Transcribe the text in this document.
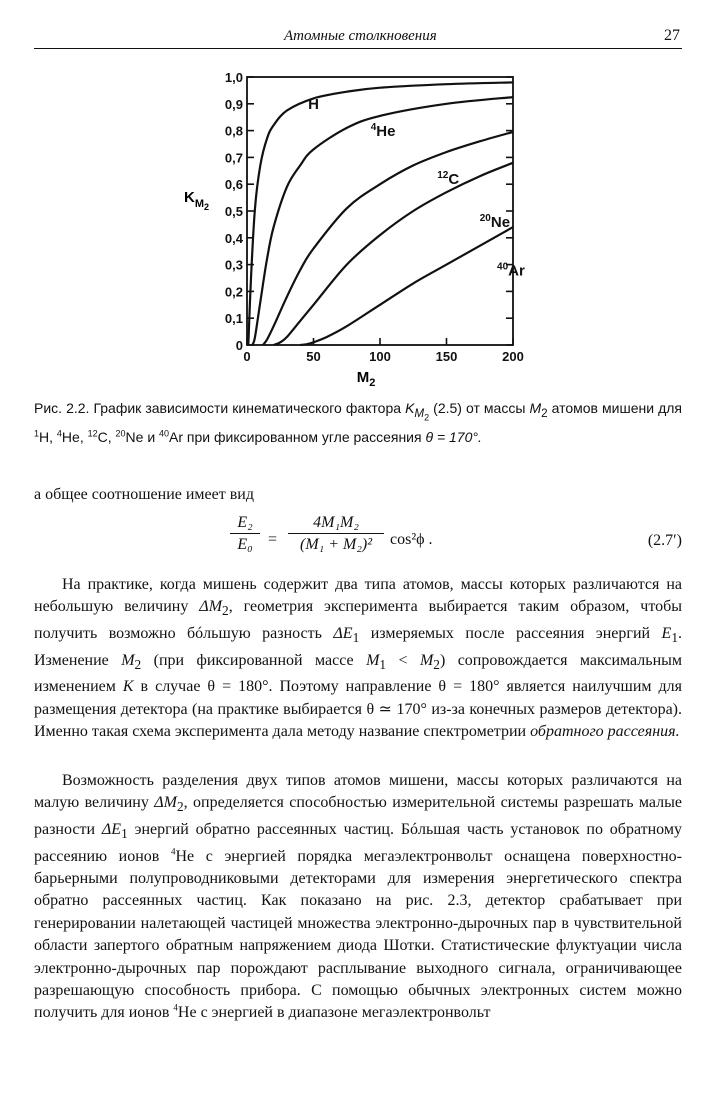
Атомные столкновения	27
0
0,1
0,2
0,3
0,4
0,5
0,6
0,7
0,8
0,9
1,0
0	50	100	150	200
H
$^4$He
$^{12}$C
$^{20}$Ne
$^{40}$Ar
$K_{M2}$
$M_2$
Рис. 2.2. График зависимости кинематического фактора $K_{M_2}$ (2.5) от массы $M_2$ атомов мишени для $^1$H, $^4$He, $^{12}$C, $^{20}$Ne и $^{40}$Ar при фиксированном угле рассеяния θ = 170°.
а общее соотношение имеет вид
$\frac{\text{E₂}}{\text{E₀}} = \frac{\text{4M₁M₂}}{\text{(M₁ + M₂)²}} \cos^2\phi$ .	(2.7′)
На практике, когда мишень содержит два типа атомов, массы которых различаются на небольшую величину $\Delta M_2$, геометрия эксперимента выбирается таким образом, чтобы получить возможно бóльшую разность $\Delta E_1$ измеряемых после рассеяния энергий $E_1$. Изменение $M_2$ (при фиксированной массе $M_1 < M_2$) сопровождается максимальным изменением K в случае θ = 180°. Поэтому направление θ = 180° является наилучшим для размещения детектора (на практике выбирается θ ≃ 170° из-за конечных размеров детектора). Именно такая схема эксперимента дала методу название спектрометрии обратного рассеяния.
Возможность разделения двух типов атомов мишени, массы которых различаются на малую величину $\Delta M_2$, определяется способностью измерительной системы разрешать малые разности $\Delta E_1$ энергий обратно рассеянных частиц. Бóльшая часть установок по обратному рассеянию ионов $^4$He с энергией порядка мегаэлектронвольт оснащена поверхностно-барьерными полупроводниковыми детекторами для измерения энергетического спектра обратно рассеянных частиц. Как показано на рис. 2.3, детектор срабатывает при генерировании налетающей частицей множества электронно-дырочных пар в чувствительной области запертого обратным напряжением диода Шотки. Статистические флуктуации числа электронно-дырочных пар порождают расплывание выходного сигнала, ограничивающее разрешающую способность прибора. С помощью обычных электронных систем можно получить для ионов $^4$He с энергией в диапазоне мегаэлектронвольт
